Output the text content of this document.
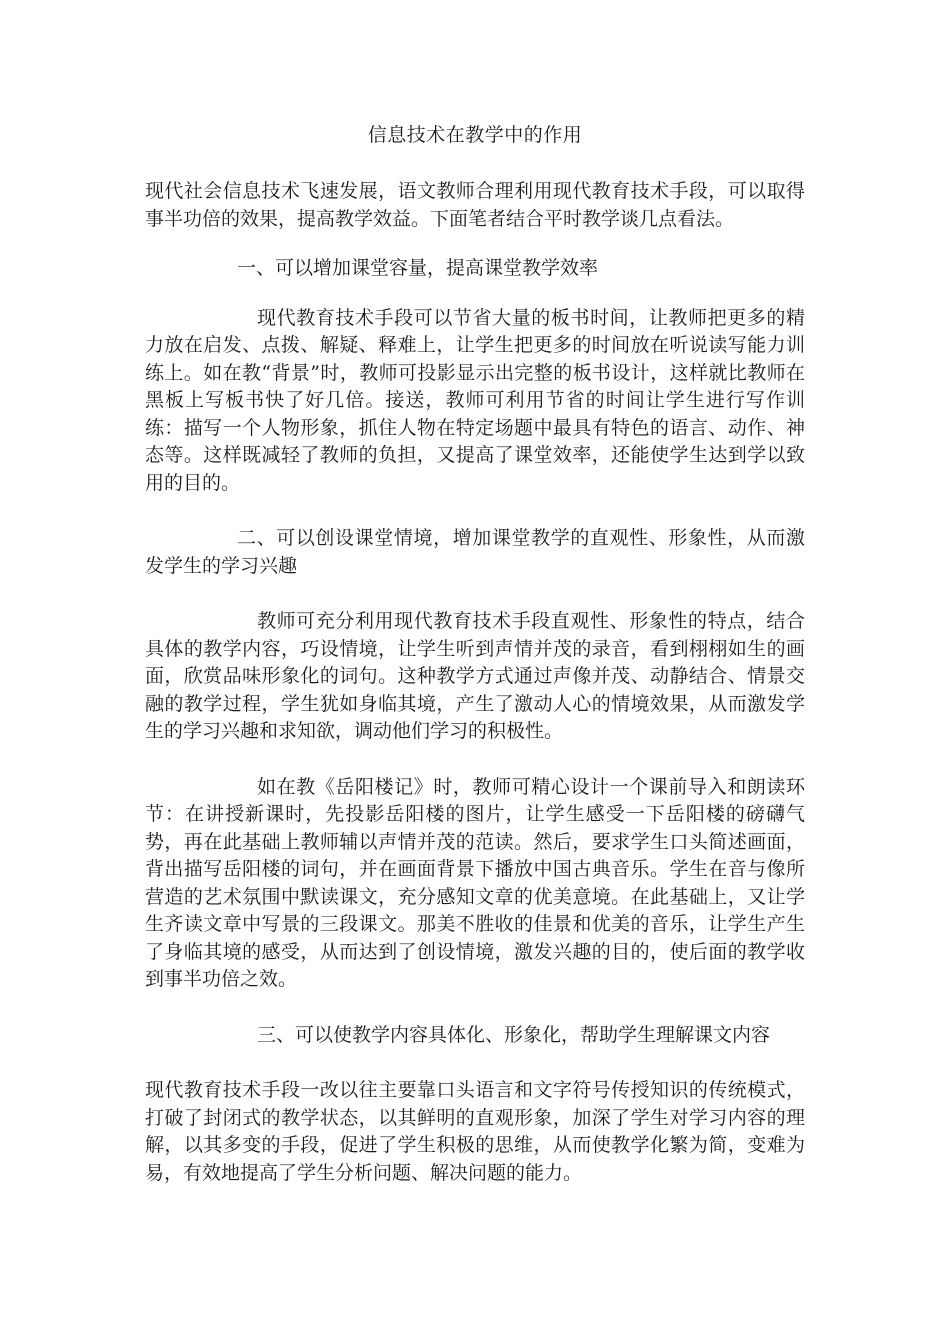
信息技术在教学中的作用

现代社会信息技术飞速发展，语文教师合理利用现代教育技术手段，可以取得事半功倍的效果，提高教学效益。下面笔者结合平时教学谈几点看法。

一、可以增加课堂容量，提高课堂教学效率

现代教育技术手段可以节省大量的板书时间，让教师把更多的精力放在启发、点拨、解疑、释难上，让学生把更多的时间放在听说读写能力训练上。如在教“背景”时，教师可投影显示出完整的板书设计，这样就比教师在黑板上写板书快了好几倍。接送，教师可利用节省的时间让学生进行写作训练：描写一个人物形象，抓住人物在特定场题中最具有特色的语言、动作、神态等。这样既减轻了教师的负担，又提高了课堂效率，还能使学生达到学以致用的目的。

二、可以创设课堂情境，增加课堂教学的直观性、形象性，从而激发学生的学习兴趣

教师可充分利用现代教育技术手段直观性、形象性的特点，结合具体的教学内容，巧设情境，让学生听到声情并茂的录音，看到栩栩如生的画面，欣赏品味形象化的词句。这种教学方式通过声像并茂、动静结合、情景交融的教学过程，学生犹如身临其境，产生了激动人心的情境效果，从而激发学生的学习兴趣和求知欲，调动他们学习的积极性。

如在教《岳阳楼记》时，教师可精心设计一个课前导入和朗读环节：在讲授新课时，先投影岳阳楼的图片，让学生感受一下岳阳楼的磅礴气势，再在此基础上教师辅以声情并茂的范读。然后，要求学生口头简述画面，背出描写岳阳楼的词句，并在画面背景下播放中国古典音乐。学生在音与像所营造的艺术氛围中默读课文，充分感知文章的优美意境。在此基础上，又让学生齐读文章中写景的三段课文。那美不胜收的佳景和优美的音乐，让学生产生了身临其境的感受，从而达到了创设情境，激发兴趣的目的，使后面的教学收到事半功倍之效。

三、可以使教学内容具体化、形象化，帮助学生理解课文内容

现代教育技术手段一改以往主要靠口头语言和文字符号传授知识的传统模式，打破了封闭式的教学状态，以其鲜明的直观形象，加深了学生对学习内容的理解，以其多变的手段，促进了学生积极的思维，从而使教学化繁为简，变难为易，有效地提高了学生分析问题、解决问题的能力。
